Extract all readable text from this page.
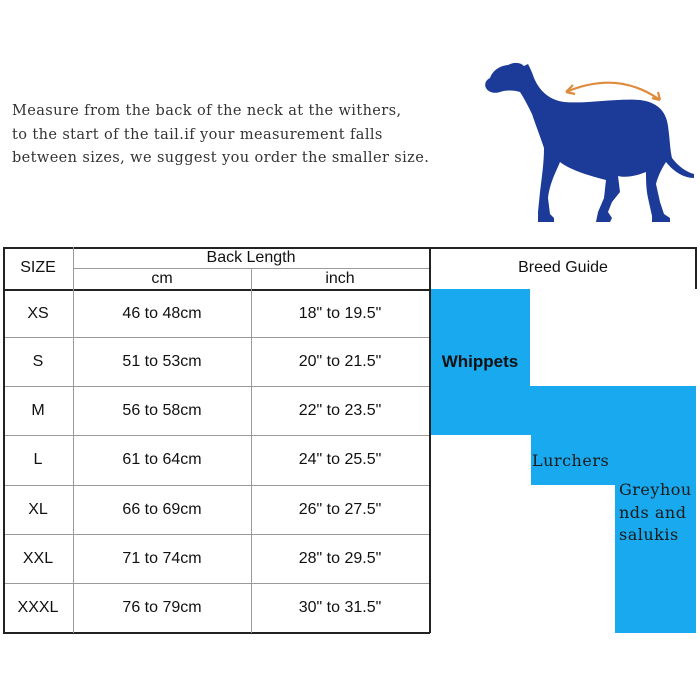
Measure from the back of the neck at the withers,
to the start of the tail.if your measurement falls
between sizes, we suggest you order the smaller size.
SIZE
Back Length
cm	inch
Breed Guide
XS	46 to 48cm	18" to 19.5"
S	51 to 53cm	20" to 21.5"
M	56 to 58cm	22" to 23.5"
L	61 to 64cm	24" to 25.5"
XL	66 to 69cm	26" to 27.5"
XXL	71 to 74cm	28" to 29.5"
XXXL	76 to 79cm	30" to 31.5"
Whippets
Lurchers
Greyhou
nds and
salukis
